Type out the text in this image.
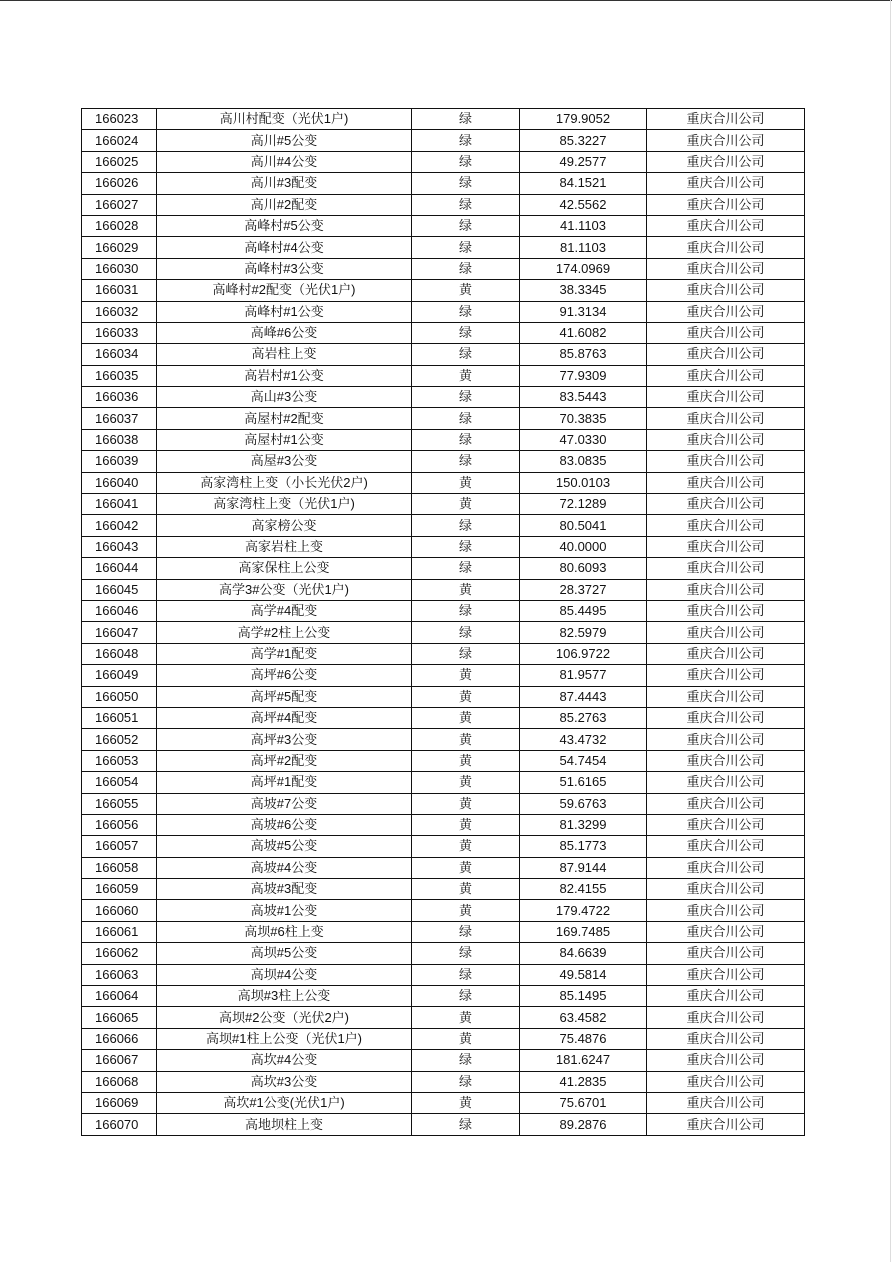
166023	高川村配变（光伏1户)	绿	179.9052	重庆合川公司
166024	高川#5公变	绿	85.3227	重庆合川公司
166025	高川#4公变	绿	49.2577	重庆合川公司
166026	高川#3配变	绿	84.1521	重庆合川公司
166027	高川#2配变	绿	42.5562	重庆合川公司
166028	高峰村#5公变	绿	41.1103	重庆合川公司
166029	高峰村#4公变	绿	81.1103	重庆合川公司
166030	高峰村#3公变	绿	174.0969	重庆合川公司
166031	高峰村#2配变（光伏1户)	黄	38.3345	重庆合川公司
166032	高峰村#1公变	绿	91.3134	重庆合川公司
166033	高峰#6公变	绿	41.6082	重庆合川公司
166034	高岩柱上变	绿	85.8763	重庆合川公司
166035	高岩村#1公变	黄	77.9309	重庆合川公司
166036	高山#3公变	绿	83.5443	重庆合川公司
166037	高屋村#2配变	绿	70.3835	重庆合川公司
166038	高屋村#1公变	绿	47.0330	重庆合川公司
166039	高屋#3公变	绿	83.0835	重庆合川公司
166040	高家湾柱上变（小长光伏2户)	黄	150.0103	重庆合川公司
166041	高家湾柱上变（光伏1户)	黄	72.1289	重庆合川公司
166042	高家榜公变	绿	80.5041	重庆合川公司
166043	高家岩柱上变	绿	40.0000	重庆合川公司
166044	高家保柱上公变	绿	80.6093	重庆合川公司
166045	高学3#公变（光伏1户)	黄	28.3727	重庆合川公司
166046	高学#4配变	绿	85.4495	重庆合川公司
166047	高学#2柱上公变	绿	82.5979	重庆合川公司
166048	高学#1配变	绿	106.9722	重庆合川公司
166049	高坪#6公变	黄	81.9577	重庆合川公司
166050	高坪#5配变	黄	87.4443	重庆合川公司
166051	高坪#4配变	黄	85.2763	重庆合川公司
166052	高坪#3公变	黄	43.4732	重庆合川公司
166053	高坪#2配变	黄	54.7454	重庆合川公司
166054	高坪#1配变	黄	51.6165	重庆合川公司
166055	高坡#7公变	黄	59.6763	重庆合川公司
166056	高坡#6公变	黄	81.3299	重庆合川公司
166057	高坡#5公变	黄	85.1773	重庆合川公司
166058	高坡#4公变	黄	87.9144	重庆合川公司
166059	高坡#3配变	黄	82.4155	重庆合川公司
166060	高坡#1公变	黄	179.4722	重庆合川公司
166061	高坝#6柱上变	绿	169.7485	重庆合川公司
166062	高坝#5公变	绿	84.6639	重庆合川公司
166063	高坝#4公变	绿	49.5814	重庆合川公司
166064	高坝#3柱上公变	绿	85.1495	重庆合川公司
166065	高坝#2公变（光伏2户)	黄	63.4582	重庆合川公司
166066	高坝#1柱上公变（光伏1户)	黄	75.4876	重庆合川公司
166067	高坎#4公变	绿	181.6247	重庆合川公司
166068	高坎#3公变	绿	41.2835	重庆合川公司
166069	高坎#1公变(光伏1户)	黄	75.6701	重庆合川公司
166070	高地坝柱上变	绿	89.2876	重庆合川公司
